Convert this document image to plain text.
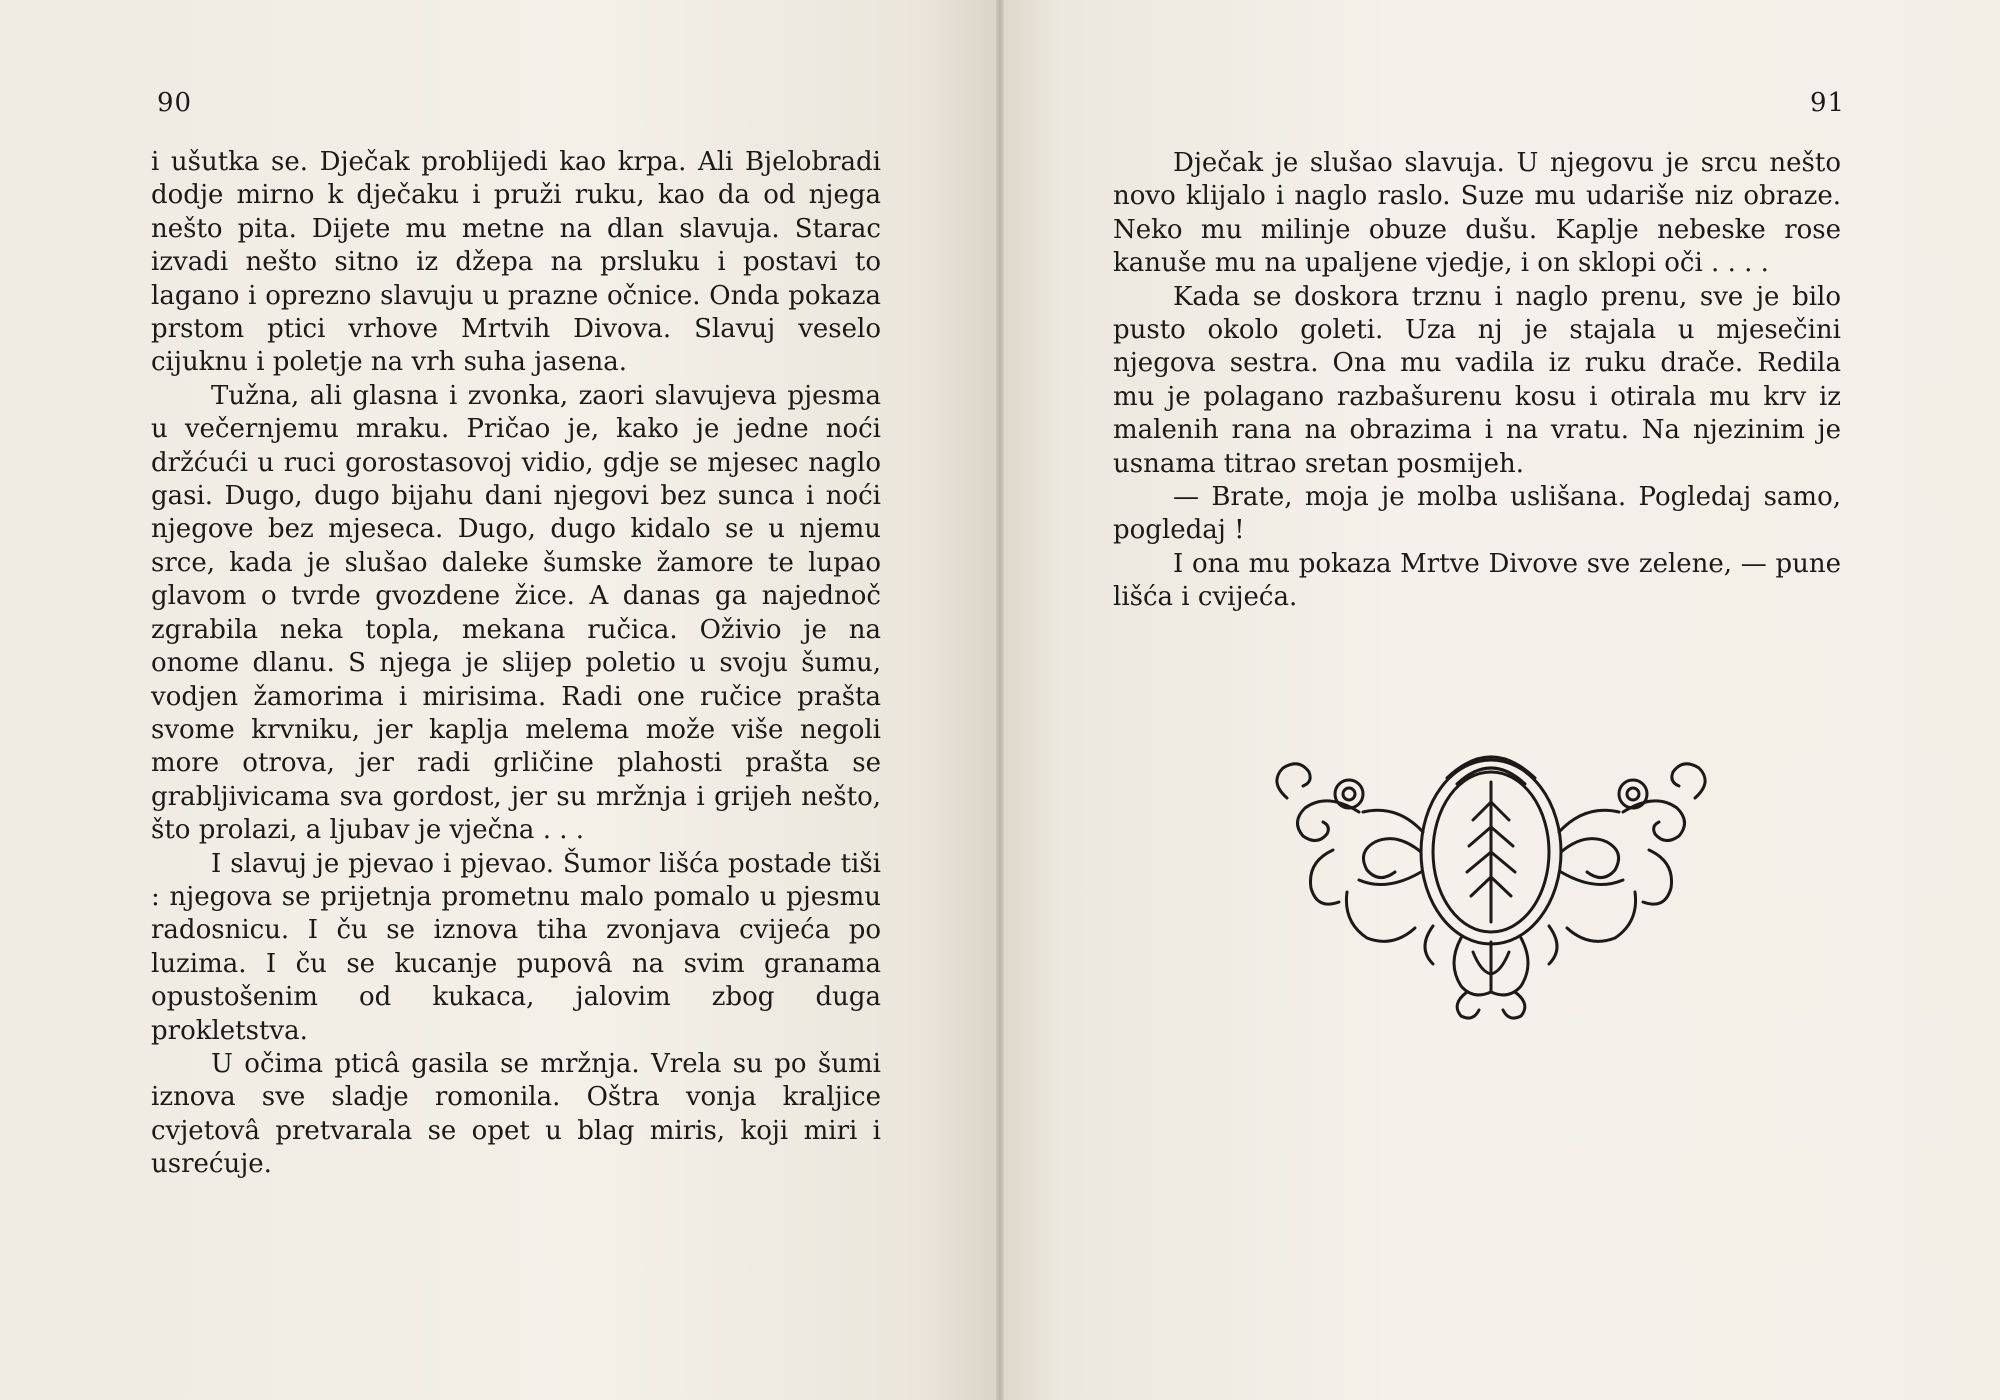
90

i ušutka se. Dječak problijedi kao krpa. Ali Bjelobradi dodje mirno k dječaku i pruži ruku, kao da od njega nešto pita. Dijete mu metne na dlan slavuja. Starac izvadi nešto sitno iz džepa na prsluku i postavi to lagano i oprezno slavuju u prazne očnice. Onda pokaza prstom ptici vrhove Mrtvih Divova. Slavuj veselo cijuknu i poletje na vrh suha jasena.

Tužna, ali glasna i zvonka, zaori slavujeva pjesma u večernjemu mraku. Pričao je, kako je jedne noći držćući u ruci gorostasovoj vidio, gdje se mjesec naglo gasi. Dugo, dugo bijahu dani njegovi bez sunca i noći njegove bez mjeseca. Dugo, dugo kidalo se u njemu srce, kada je slušao daleke šumske žamore te lupao glavom o tvrde gvozdene žice. A danas ga najednoč zgrabila neka topla, mekana ručica. Oživio je na onome dlanu. S njega je slijep poletio u svoju šumu, vodjen žamorima i mirisima. Radi one ručice prašta svome krvniku, jer kaplja melema može više negoli more otrova, jer radi grličine plahosti prašta se grabljivicama sva gordost, jer su mržnja i grijeh nešto, što prolazi, a ljubav je vječna . . .

I slavuj je pjevao i pjevao. Šumor lišća postade tiši : njegova se prijetnja prometnu malo pomalo u pjesmu radosnicu. I ču se iznova tiha zvonjava cvijeća po luzima. I ču se kucanje pupovâ na svim granama opustošenim od kukaca, jalovim zbog duga prokletstva.

U očima pticâ gasila se mržnja. Vrela su po šumi iznova sve sladje romonila. Oštra vonja kraljice cvjetovâ pretvarala se opet u blag miris, koji miri i usrećuje.

91

Dječak je slušao slavuja. U njegovu je srcu nešto novo klijalo i naglo raslo. Suze mu udariše niz obraze. Neko mu milinje obuze dušu. Kaplje nebeske rose kanuše mu na upaljene vjedje, i on sklopi oči . . . .

Kada se doskora trznu i naglo prenu, sve je bilo pusto okolo goleti. Uza nj je stajala u mjesečini njegova sestra. Ona mu vadila iz ruku drače. Redila mu je polagano razbašurenu kosu i otirala mu krv iz malenih rana na obrazima i na vratu. Na njezinim je usnama titrao sretan posmijeh.

— Brate, moja je molba uslišana. Pogledaj samo, pogledaj !

I ona mu pokaza Mrtve Divove sve zelene, — pune lišća i cvijeća.
